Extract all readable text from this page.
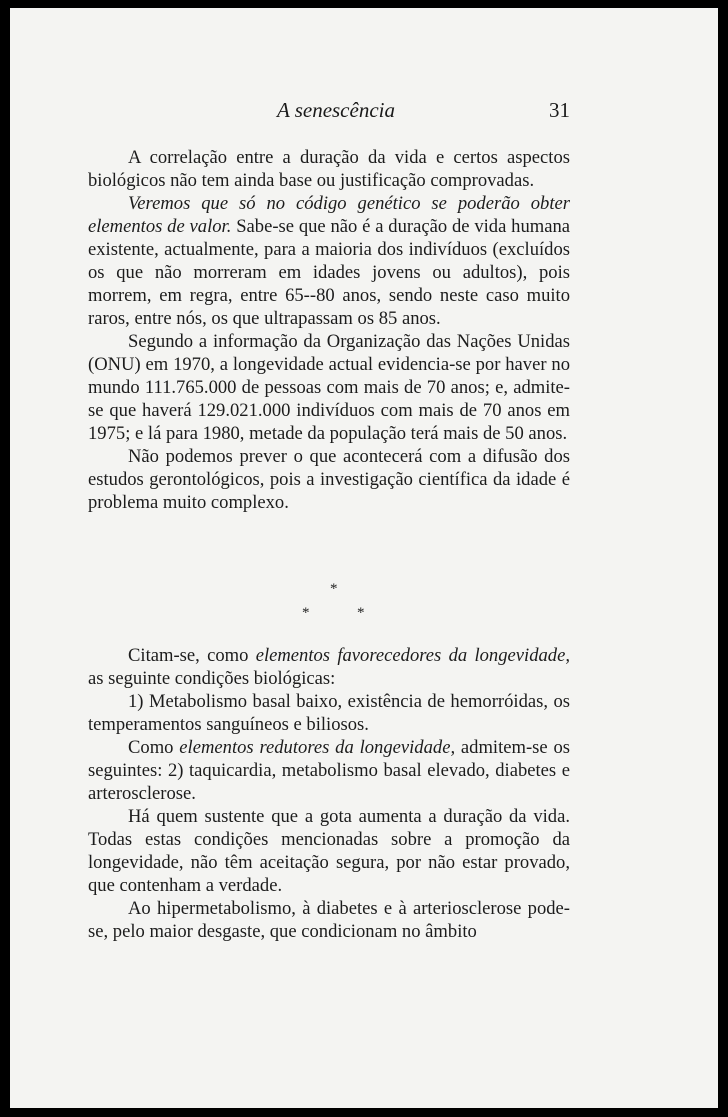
A senescência	31

A correlação entre a duração da vida e certos aspectos biológicos não tem ainda base ou justificação comprovadas.

Veremos que só no código genético se poderão obter elementos de valor. Sabe-se que não é a duração de vida humana existente, actualmente, para a maioria dos indivíduos (excluídos os que não morreram em idades jovens ou adultos), pois morrem, em regra, entre 65--80 anos, sendo neste caso muito raros, entre nós, os que ultrapassam os 85 anos.

Segundo a informação da Organização das Nações Unidas (ONU) em 1970, a longevidade actual evidencia-se por haver no mundo 111.765.000 de pessoas com mais de 70 anos; e, admite-se que haverá 129.021.000 indivíduos com mais de 70 anos em 1975; e lá para 1980, metade da população terá mais de 50 anos.

Não podemos prever o que acontecerá com a difusão dos estudos gerontológicos, pois a investigação científica da idade é problema muito complexo.

*
*	*

Citam-se, como elementos favorecedores da longevidade, as seguinte condições biológicas:

1) Metabolismo basal baixo, existência de hemorróidas, os temperamentos sanguíneos e biliosos.

Como elementos redutores da longevidade, admitem-se os seguintes: 2) taquicardia, metabolismo basal elevado, diabetes e arterosclerose.

Há quem sustente que a gota aumenta a duração da vida. Todas estas condições mencionadas sobre a promoção da longevidade, não têm aceitação segura, por não estar provado, que contenham a verdade.

Ao hipermetabolismo, à diabetes e à arteriosclerose pode-se, pelo maior desgaste, que condicionam no âmbito
